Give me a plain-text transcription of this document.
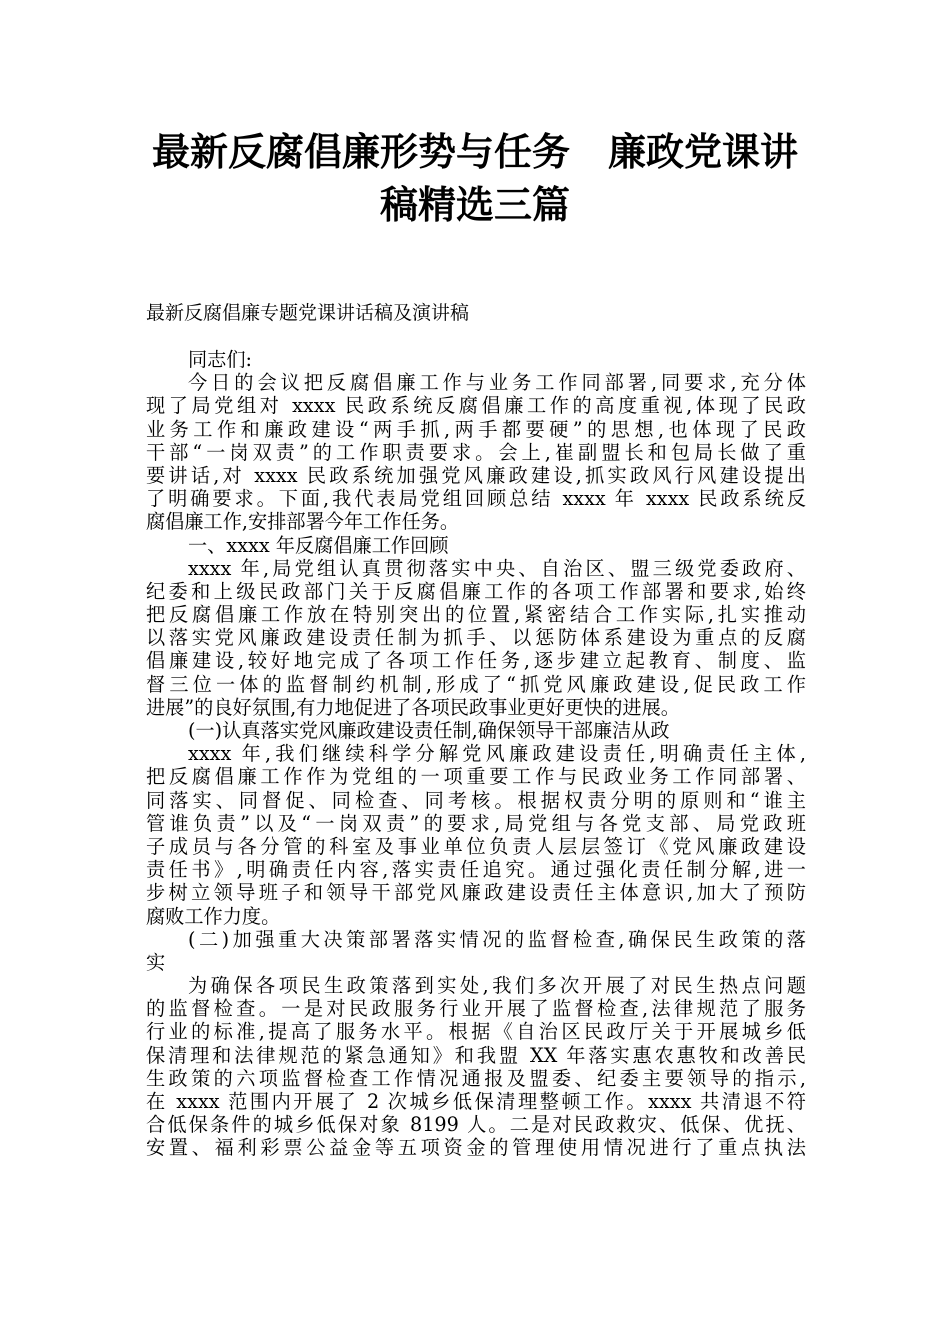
最新反腐倡廉形势与任务　廉政党课讲
稿精选三篇

最新反腐倡廉专题党课讲话稿及演讲稿

同志们:
今日的会议把反腐倡廉工作与业务工作同部署,同要求,充分体
现了局党组对 xxxx 民政系统反腐倡廉工作的高度重视,体现了民政
业务工作和廉政建设“两手抓,两手都要硬”的思想,也体现了民政
干部“一岗双责”的工作职责要求。会上,崔副盟长和包局长做了重
要讲话,对 xxxx 民政系统加强党风廉政建设,抓实政风行风建设提出
了明确要求。下面,我代表局党组回顾总结 xxxx 年 xxxx 民政系统反
腐倡廉工作,安排部署今年工作任务。
一、xxxx 年反腐倡廉工作回顾
xxxx 年,局党组认真贯彻落实中央、自治区、盟三级党委政府、
纪委和上级民政部门关于反腐倡廉工作的各项工作部署和要求,始终
把反腐倡廉工作放在特别突出的位置,紧密结合工作实际,扎实推动
以落实党风廉政建设责任制为抓手、以惩防体系建设为重点的反腐
倡廉建设,较好地完成了各项工作任务,逐步建立起教育、制度、监
督三位一体的监督制约机制,形成了“抓党风廉政建设,促民政工作
进展”的良好氛围,有力地促进了各项民政事业更好更快的进展。
(一)认真落实党风廉政建设责任制,确保领导干部廉洁从政
xxxx 年,我们继续科学分解党风廉政建设责任,明确责任主体,
把反腐倡廉工作作为党组的一项重要工作与民政业务工作同部署、
同落实、同督促、同检查、同考核。根据权责分明的原则和“谁主
管谁负责”以及“一岗双责”的要求,局党组与各党支部、局党政班
子成员与各分管的科室及事业单位负责人层层签订《党风廉政建设
责任书》,明确责任内容,落实责任追究。通过强化责任制分解,进一
步树立领导班子和领导干部党风廉政建设责任主体意识,加大了预防
腐败工作力度。
(二)加强重大决策部署落实情况的监督检查,确保民生政策的落
实
为确保各项民生政策落到实处,我们多次开展了对民生热点问题
的监督检查。一是对民政服务行业开展了监督检查,法律规范了服务
行业的标准,提高了服务水平。根据《自治区民政厅关于开展城乡低
保清理和法律规范的紧急通知》和我盟 XX 年落实惠农惠牧和改善民
生政策的六项监督检查工作情况通报及盟委、纪委主要领导的指示,
在 xxxx 范围内开展了 2 次城乡低保清理整顿工作。xxxx 共清退不符
合低保条件的城乡低保对象 8199 人。二是对民政救灾、低保、优抚、
安置、福利彩票公益金等五项资金的管理使用情况进行了重点执法
